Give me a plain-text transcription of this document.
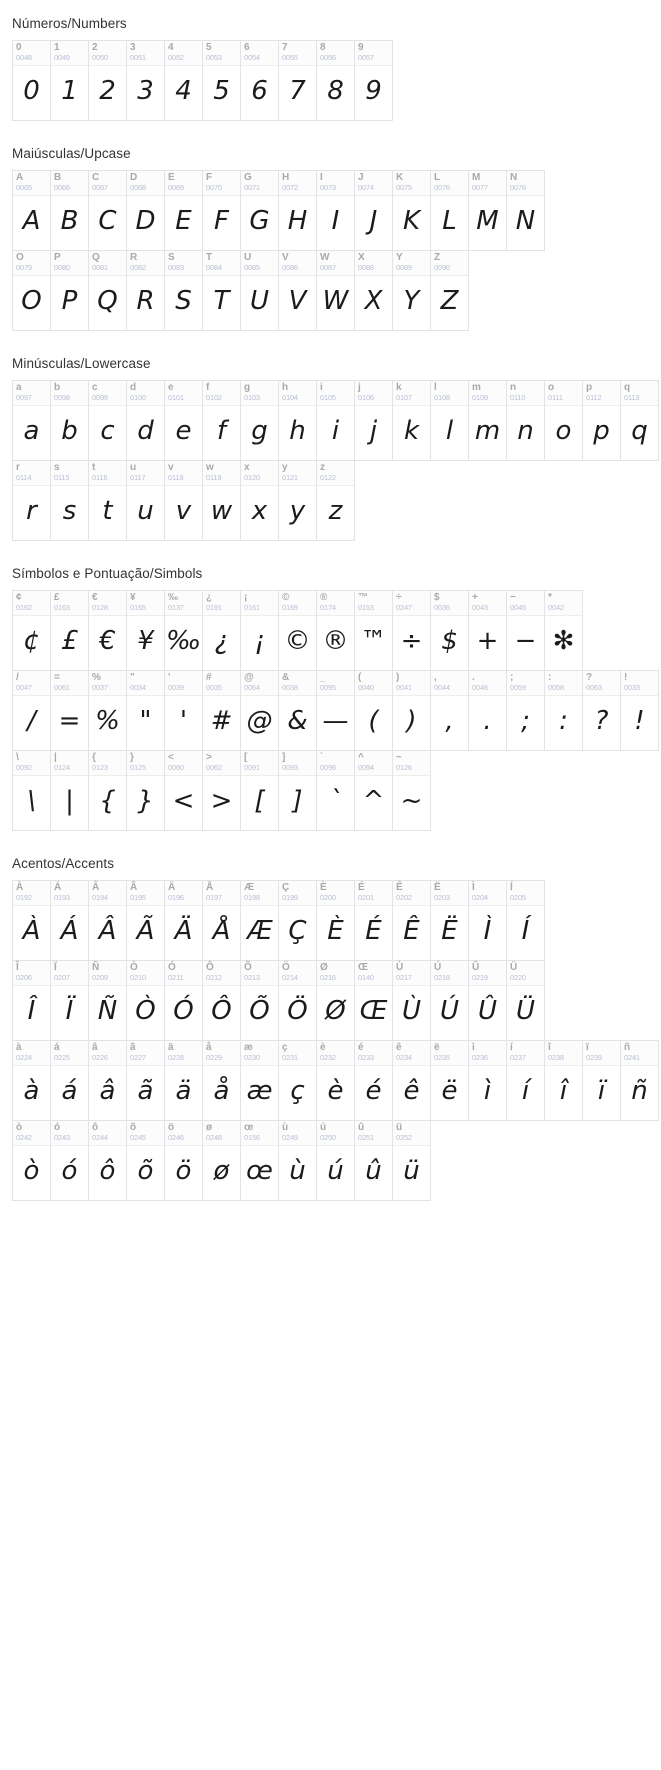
Números/Numbers
0
0048
0
1
0049
1
2
0050
2
3
0051
3
4
0052
4
5
0053
5
6
0054
6
7
0055
7
8
0056
8
9
0057
9
Maiúsculas/Upcase
A
0065
A
B
0066
B
C
0067
C
D
0068
D
E
0069
E
F
0070
F
G
0071
G
H
0072
H
I
0073
I
J
0074
J
K
0075
K
L
0076
L
M
0077
M
N
0078
N
O
0079
O
P
0080
P
Q
0081
Q
R
0082
R
S
0083
S
T
0084
T
U
0085
U
V
0086
V
W
0087
W
X
0088
X
Y
0089
Y
Z
0090
Z
Minúsculas/Lowercase
a
0097
a
b
0098
b
c
0099
c
d
0100
d
e
0101
e
f
0102
f
g
0103
g
h
0104
h
i
0105
i
j
0106
j
k
0107
k
l
0108
l
m
0109
m
n
0110
n
o
0111
o
p
0112
p
q
0113
q
r
0114
r
s
0115
s
t
0116
t
u
0117
u
v
0118
v
w
0119
w
x
0120
x
y
0121
y
z
0122
z
Símbolos e Pontuação/Simbols
¢
0162
¢
£
0163
£
€
0128
€
¥
0165
¥
‰
0137
‰
¿
0191
¿
¡
0161
¡
©
0169
©
®
0174
®
™
0153
™
÷
0247
÷
$
0036
$
+
0043
+
−
0045
−
*
0042
✻
/
0047
/
=
0061
=
%
0037
%
"
0034
"
'
0039
'
#
0035
#
@
0064
@
&
0038
&
_
0095
—
(
0040
(
)
0041
)
,
0044
,
.
0046
.
;
0059
;
:
0058
:
?
0063
?
!
0033
!
\
0092
\
|
0124
|
{
0123
{
}
0125
}
<
0060
<
>
0062
>
[
0091
[
]
0093
]
`
0096
`
^
0094
^
~
0126
~
Acentos/Accents
À
0192
À
Á
0193
Á
Â
0194
Â
Ã
0195
Ã
Ä
0196
Ä
Å
0197
Å
Æ
0198
Æ
Ç
0199
Ç
È
0200
È
É
0201
É
Ê
0202
Ê
Ë
0203
Ë
Ì
0204
Ì
Í
0205
Í
Î
0206
Î
Ï
0207
Ï
Ñ
0209
Ñ
Ò
0210
Ò
Ó
0211
Ó
Ô
0212
Ô
Õ
0213
Õ
Ö
0214
Ö
Ø
0216
Ø
Œ
0140
Œ
Ù
0217
Ù
Ú
0218
Ú
Û
0219
Û
Ü
0220
Ü
à
0224
à
á
0225
á
â
0226
â
ã
0227
ã
ä
0228
ä
å
0229
å
æ
0230
æ
ç
0231
ç
è
0232
è
é
0233
é
ê
0234
ê
ë
0235
ë
ì
0236
ì
í
0237
í
î
0238
î
ï
0239
ï
ñ
0241
ñ
ò
0242
ò
ó
0243
ó
ô
0244
ô
õ
0245
õ
ö
0246
ö
ø
0248
ø
œ
0156
œ
ù
0249
ù
ú
0250
ú
û
0251
û
ü
0252
ü
